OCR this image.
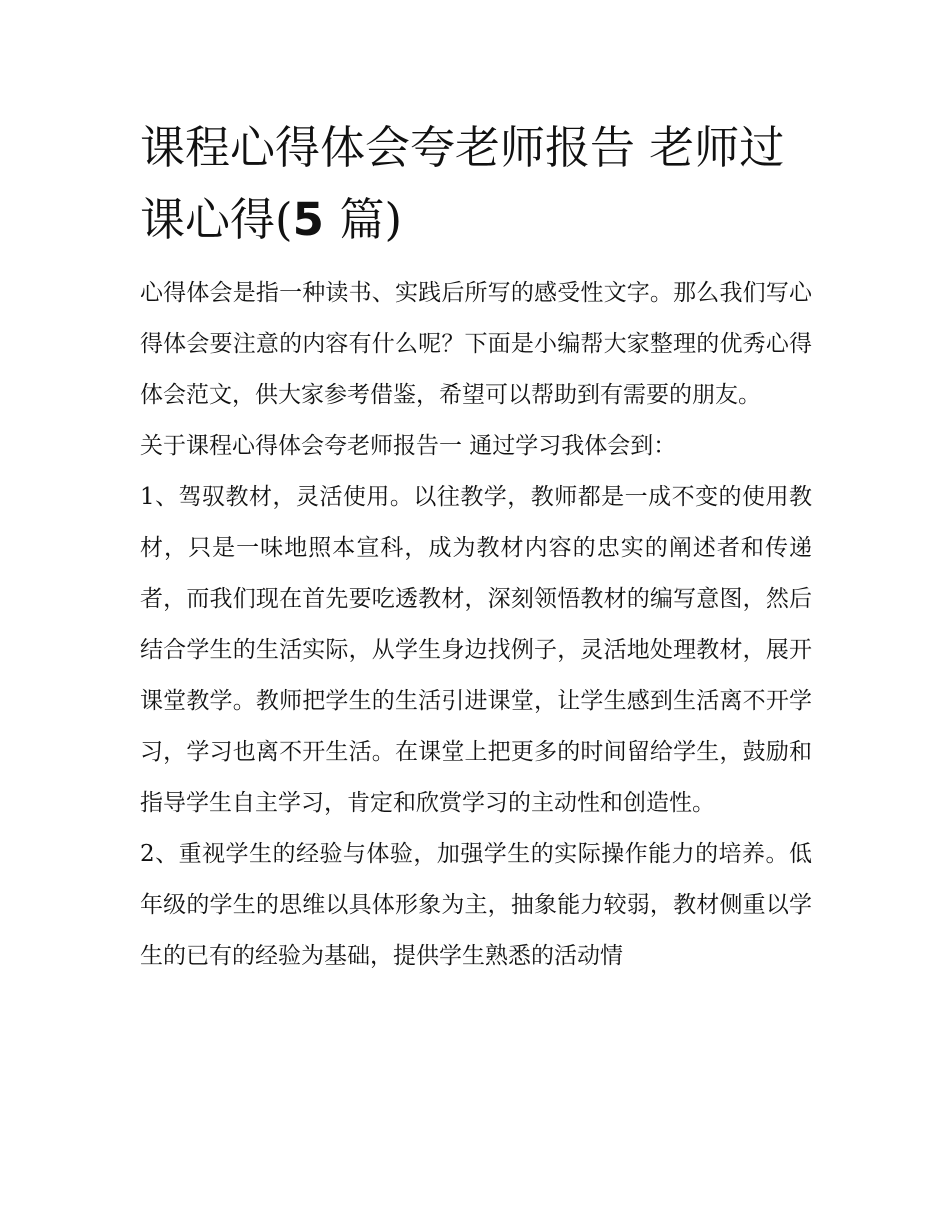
课程心得体会夸老师报告 老师过课心得(5 篇)

心得体会是指一种读书、实践后所写的感受性文字。那么我们写心得体会要注意的内容有什么呢？下面是小编帮大家整理的优秀心得体会范文，供大家参考借鉴，希望可以帮助到有需要的朋友。

关于课程心得体会夸老师报告一 通过学习我体会到：

1、驾驭教材，灵活使用。以往教学，教师都是一成不变的使用教材，只是一味地照本宣科，成为教材内容的忠实的阐述者和传递者，而我们现在首先要吃透教材，深刻领悟教材的编写意图，然后结合学生的生活实际，从学生身边找例子，灵活地处理教材，展开课堂教学。教师把学生的生活引进课堂，让学生感到生活离不开学习，学习也离不开生活。在课堂上把更多的时间留给学生，鼓励和指导学生自主学习，肯定和欣赏学习的主动性和创造性。

2、重视学生的经验与体验，加强学生的实际操作能力的培养。低年级的学生的思维以具体形象为主，抽象能力较弱，教材侧重以学生的已有的经验为基础，提供学生熟悉的活动情
